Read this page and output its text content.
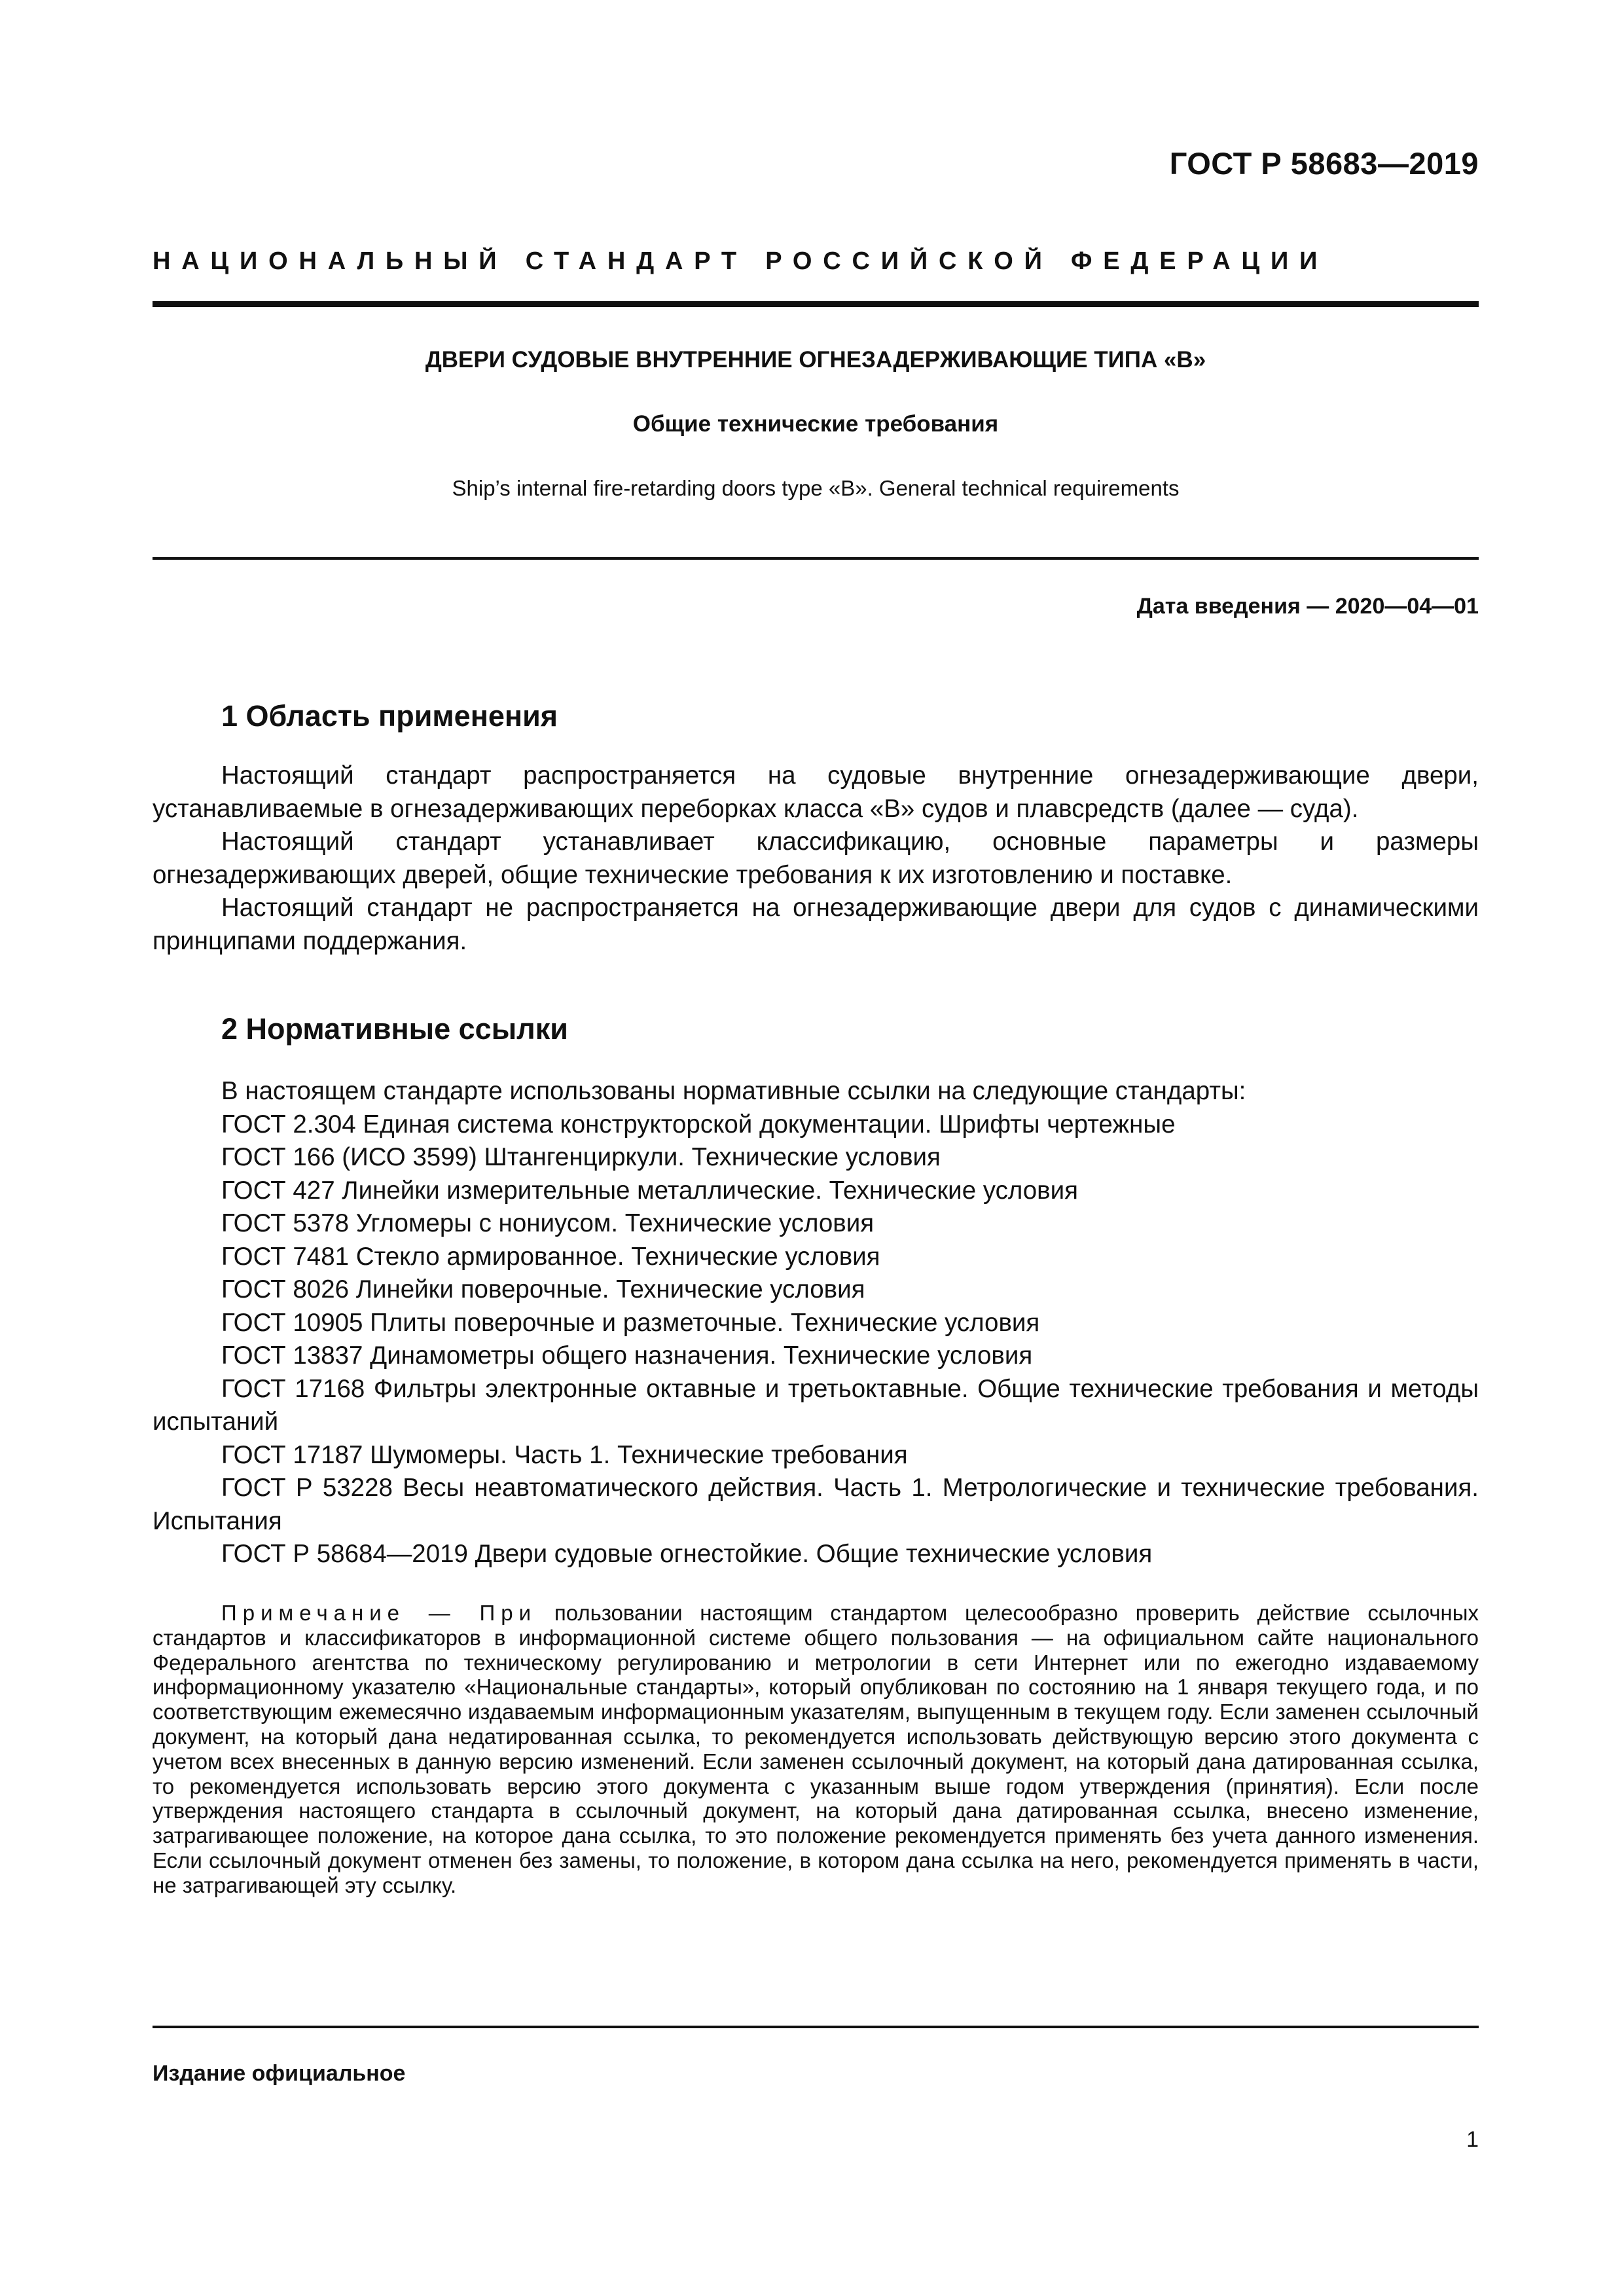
ГОСТ Р 58683—2019
НАЦИОНАЛЬНЫЙ СТАНДАРТ РОССИЙСКОЙ ФЕДЕРАЦИИ
ДВЕРИ СУДОВЫЕ ВНУТРЕННИЕ ОГНЕЗАДЕРЖИВАЮЩИЕ ТИПА «В»
Общие технические требования
Ship’s internal fire-retarding doors type «B». General technical requirements
Дата введения — 2020—04—01
1 Область применения

Настоящий стандарт распространяется на судовые внутренние огнезадерживающие двери, устанавливаемые в огнезадерживающих переборках класса «В» судов и плавсредств (далее — суда).

Настоящий стандарт устанавливает классификацию, основные параметры и размеры огнезадерживающих дверей, общие технические требования к их изготовлению и поставке.

Настоящий стандарт не распространяется на огнезадерживающие двери для судов с динамическими принципами поддержания.

2 Нормативные ссылки

В настоящем стандарте использованы нормативные ссылки на следующие стандарты:

ГОСТ 2.304 Единая система конструкторской документации. Шрифты чертежные

ГОСТ 166 (ИСО 3599) Штангенциркули. Технические условия

ГОСТ 427 Линейки измерительные металлические. Технические условия

ГОСТ 5378 Угломеры с нониусом. Технические условия

ГОСТ 7481 Стекло армированное. Технические условия

ГОСТ 8026 Линейки поверочные. Технические условия

ГОСТ 10905 Плиты поверочные и разметочные. Технические условия

ГОСТ 13837 Динамометры общего назначения. Технические условия

ГОСТ 17168 Фильтры электронные октавные и третьоктавные. Общие технические требования и методы испытаний

ГОСТ 17187 Шумомеры. Часть 1. Технические требования

ГОСТ Р 53228 Весы неавтоматического действия. Часть 1. Метрологические и технические требования. Испытания

ГОСТ Р 58684—2019 Двери судовые огнестойкие. Общие технические условия

Примечание — При пользовании настоящим стандартом целесообразно проверить действие ссылочных стандартов и классификаторов в информационной системе общего пользования — на официальном сайте национального Федерального агентства по техническому регулированию и метрологии в сети Интернет или по ежегодно издаваемому информационному указателю «Национальные стандарты», который опубликован по состоянию на 1 января текущего года, и по соответствующим ежемесячно издаваемым информационным указателям, выпущенным в текущем году. Если заменен ссылочный документ, на который дана недатированная ссылка, то рекомендуется использовать действующую версию этого документа с учетом всех внесенных в данную версию изменений. Если заменен ссылочный документ, на который дана датированная ссылка, то рекомендуется использовать версию этого документа с указанным выше годом утверждения (принятия). Если после утверждения настоящего стандарта в ссылочный документ, на который дана датированная ссылка, внесено изменение, затрагивающее положение, на которое дана ссылка, то это положение рекомендуется применять без учета данного изменения. Если ссылочный документ отменен без замены, то положение, в котором дана ссылка на него, рекомендуется применять в части, не затрагивающей эту ссылку.
Издание официальное
1
